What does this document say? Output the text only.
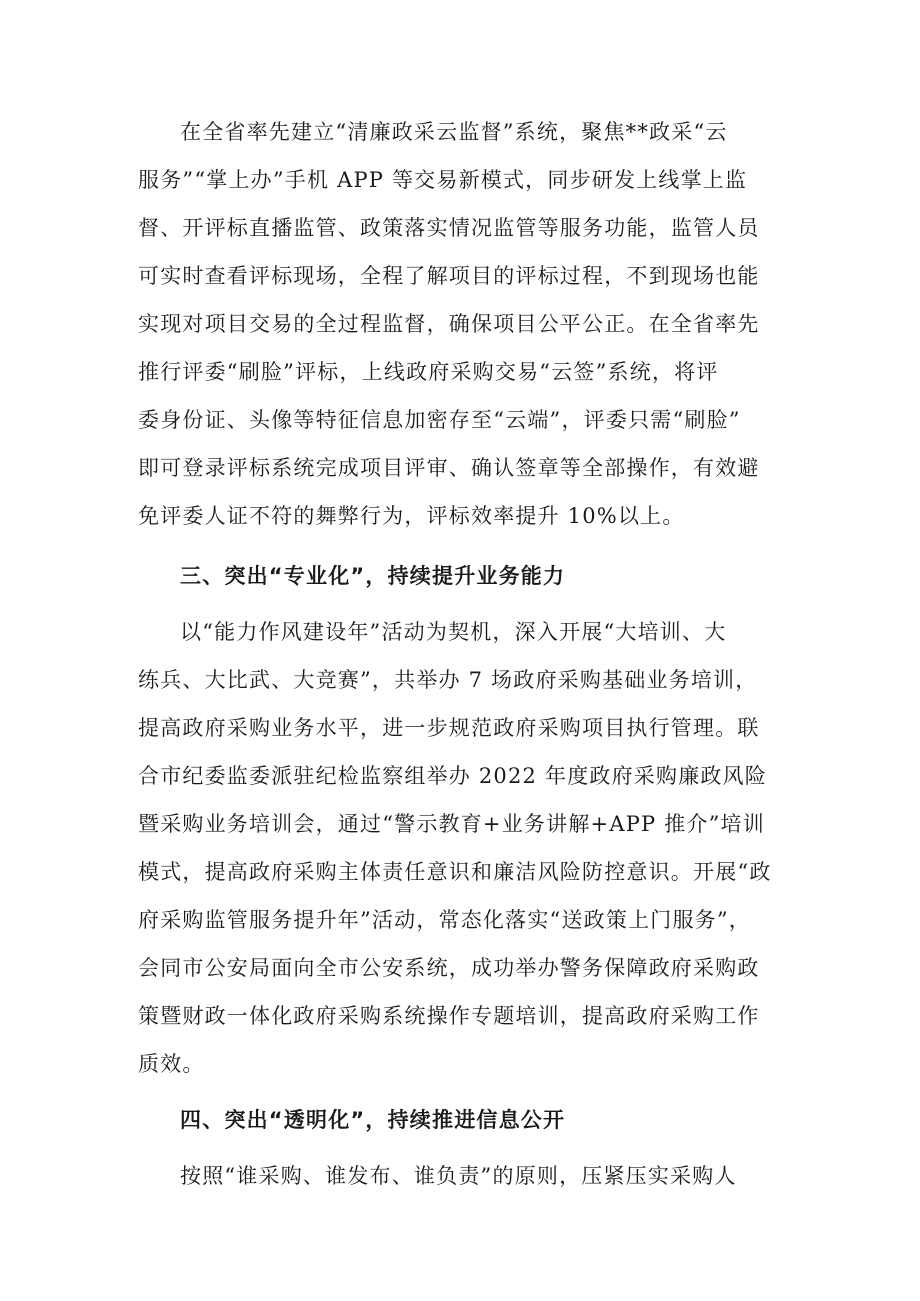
在全省率先建立“清廉政采云监督”系统，聚焦**政采“云
服务”“掌上办”手机 APP 等交易新模式，同步研发上线掌上监
督、开评标直播监管、政策落实情况监管等服务功能，监管人员
可实时查看评标现场，全程了解项目的评标过程，不到现场也能
实现对项目交易的全过程监督，确保项目公平公正。在全省率先
推行评委“刷脸”评标，上线政府采购交易“云签”系统，将评
委身份证、头像等特征信息加密存至“云端”，评委只需“刷脸”
即可登录评标系统完成项目评审、确认签章等全部操作，有效避
免评委人证不符的舞弊行为，评标效率提升 10%以上。
三、突出“专业化”，持续提升业务能力
以“能力作风建设年”活动为契机，深入开展“大培训、大
练兵、大比武、大竞赛”，共举办 7 场政府采购基础业务培训，
提高政府采购业务水平，进一步规范政府采购项目执行管理。联
合市纪委监委派驻纪检监察组举办 2022 年度政府采购廉政风险
暨采购业务培训会，通过“警示教育+业务讲解+APP 推介”培训
模式，提高政府采购主体责任意识和廉洁风险防控意识。开展“政
府采购监管服务提升年”活动，常态化落实“送政策上门服务”，
会同市公安局面向全市公安系统，成功举办警务保障政府采购政
策暨财政一体化政府采购系统操作专题培训，提高政府采购工作
质效。
四、突出“透明化”，持续推进信息公开
按照“谁采购、谁发布、谁负责”的原则，压紧压实采购人
